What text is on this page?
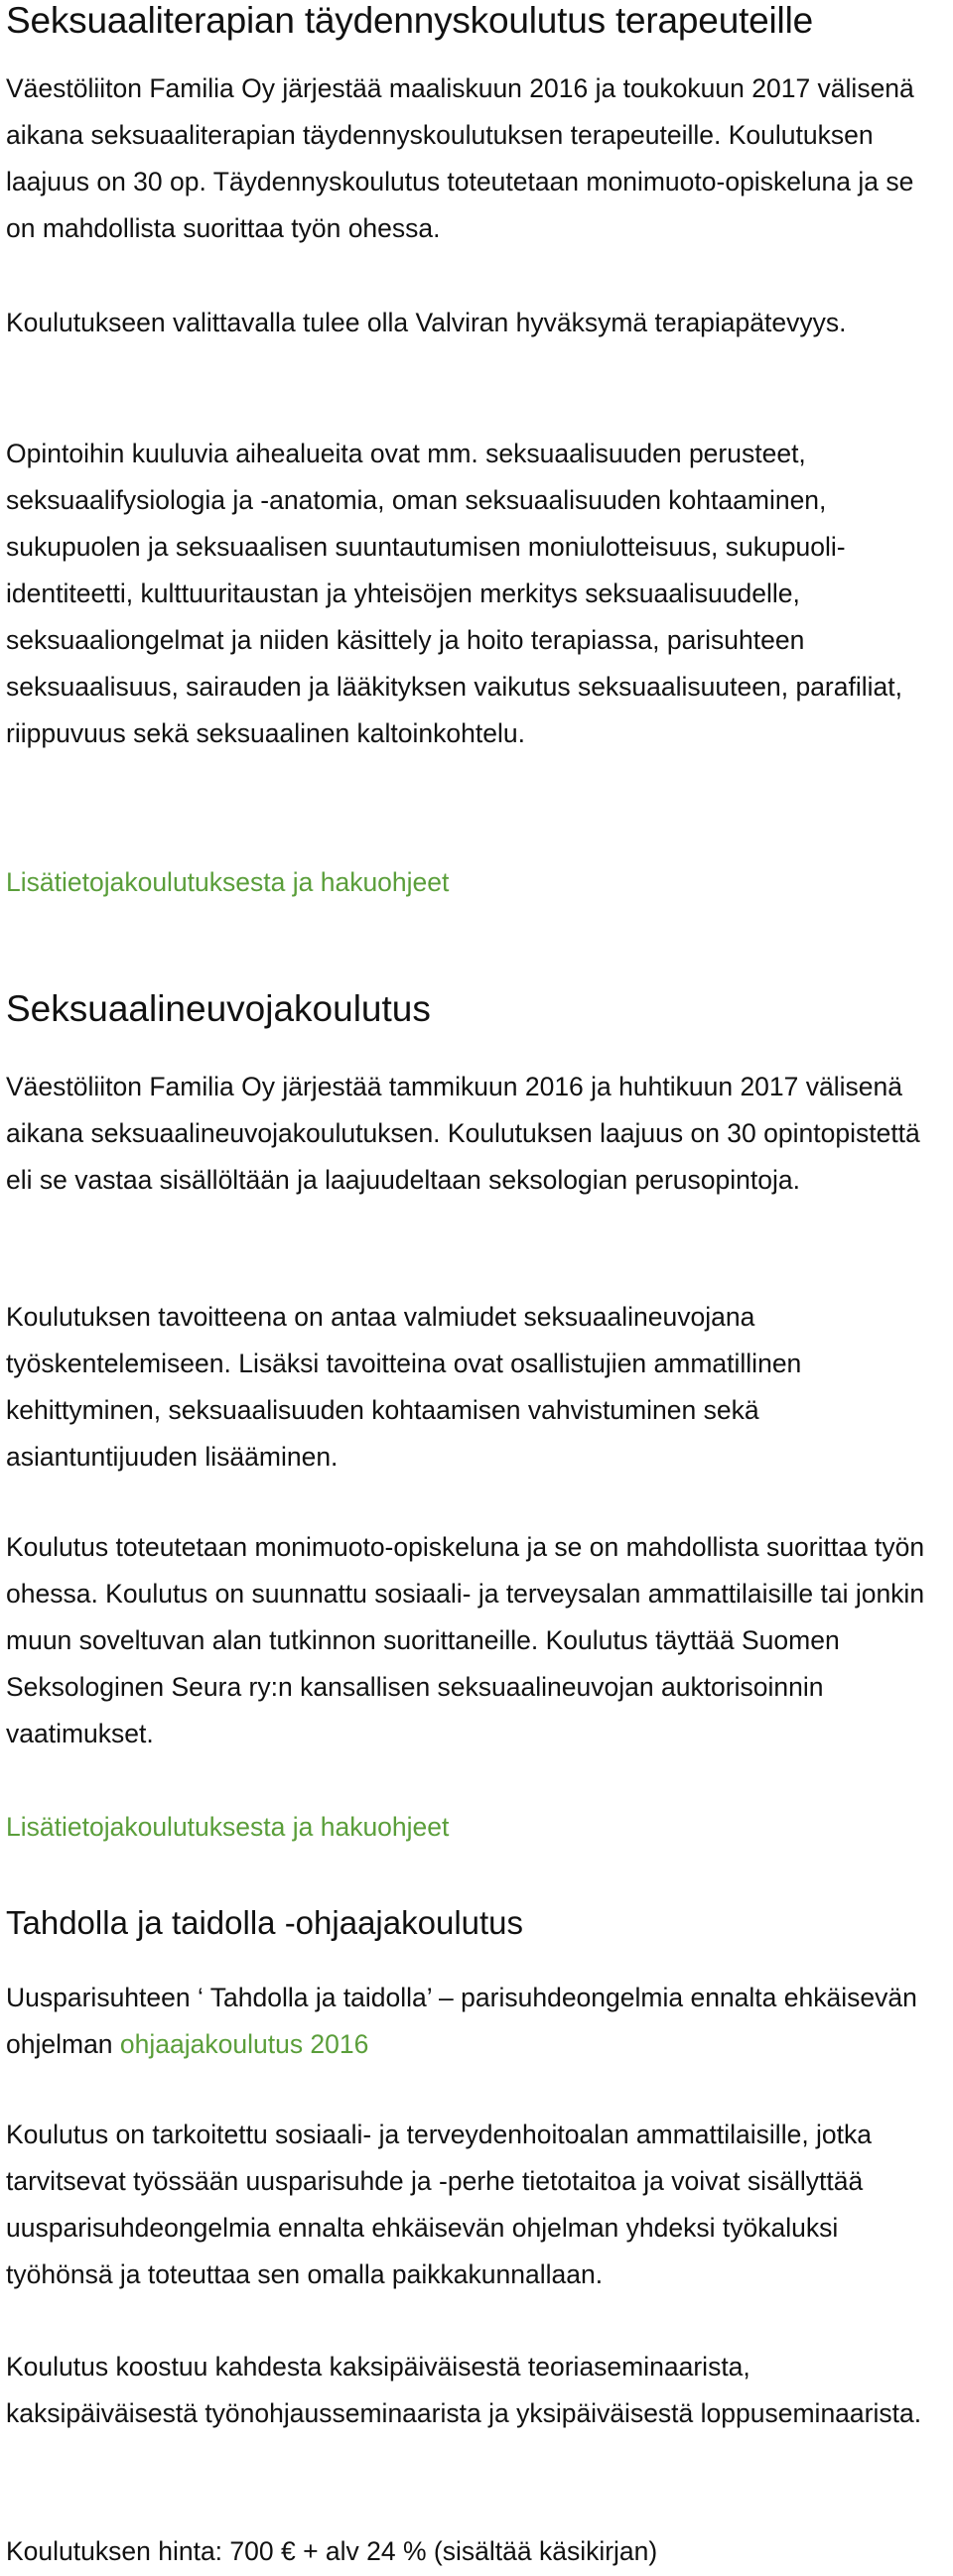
Seksuaaliterapian täydennyskoulutus terapeuteille

Väestöliiton Familia Oy järjestää maaliskuun 2016 ja toukokuun 2017 välisenä aikana seksuaaliterapian täydennyskoulutuksen terapeuteille. Koulutuksen laajuus on 30 op. Täydennyskoulutus toteutetaan monimuoto-opiskeluna ja se on mahdollista suorittaa työn ohessa.

Koulutukseen valittavalla tulee olla Valviran hyväksymä terapiapätevyys.

Opintoihin kuuluvia aihealueita ovat mm. seksuaalisuuden perusteet, seksuaalifysiologia ja -anatomia, oman seksuaalisuuden kohtaaminen, sukupuolen ja seksuaalisen suuntautumisen moniulotteisuus, sukupuoli-identiteetti, kulttuuritaustan ja yhteisöjen merkitys seksuaalisuudelle, seksuaaliongelmat ja niiden käsittely ja hoito terapiassa, parisuhteen seksuaalisuus, sairauden ja lääkityksen vaikutus seksuaalisuuteen, parafiliat, riippuvuus sekä seksuaalinen kaltoinkohtelu.

Lisätietojakoulutuksesta ja hakuohjeet
Seksuaalineuvojakoulutus

Väestöliiton Familia Oy järjestää tammikuun 2016 ja huhtikuun 2017 välisenä aikana seksuaalineuvojakoulutuksen. Koulutuksen laajuus on 30 opintopistettä eli se vastaa sisällöltään ja laajuudeltaan seksologian perusopintoja.

Koulutuksen tavoitteena on antaa valmiudet seksuaalineuvojana työskentelemiseen. Lisäksi tavoitteina ovat osallistujien ammatillinen kehittyminen, seksuaalisuuden kohtaamisen vahvistuminen sekä asiantuntijuuden lisääminen.

Koulutus toteutetaan monimuoto-opiskeluna ja se on mahdollista suorittaa työn ohessa. Koulutus on suunnattu sosiaali- ja terveysalan ammattilaisille tai jonkin muun soveltuvan alan tutkinnon suorittaneille. Koulutus täyttää Suomen Seksologinen Seura ry:n kansallisen seksuaalineuvojan auktorisoinnin vaatimukset.

Lisätietojakoulutuksesta ja hakuohjeet
Tahdolla ja taidolla -ohjaajakoulutus

Uusparisuhteen ‘ Tahdolla ja taidolla’ – parisuhdeongelmia ennalta ehkäisevän ohjelman ohjaajakoulutus 2016

Koulutus on tarkoitettu sosiaali- ja terveydenhoitoalan ammattilaisille, jotka tarvitsevat työssään uusparisuhde ja -perhe tietotaitoa ja voivat sisällyttää uusparisuhdeongelmia ennalta ehkäisevän ohjelman yhdeksi työkaluksi työhönsä ja toteuttaa sen omalla paikkakunnallaan.

Koulutus koostuu kahdesta kaksipäiväisestä teoriaseminaarista, kaksipäiväisestä työnohjausseminaarista ja yksipäiväisestä loppuseminaarista.

Koulutuksen hinta: 700 € + alv 24 % (sisältää käsikirjan)
